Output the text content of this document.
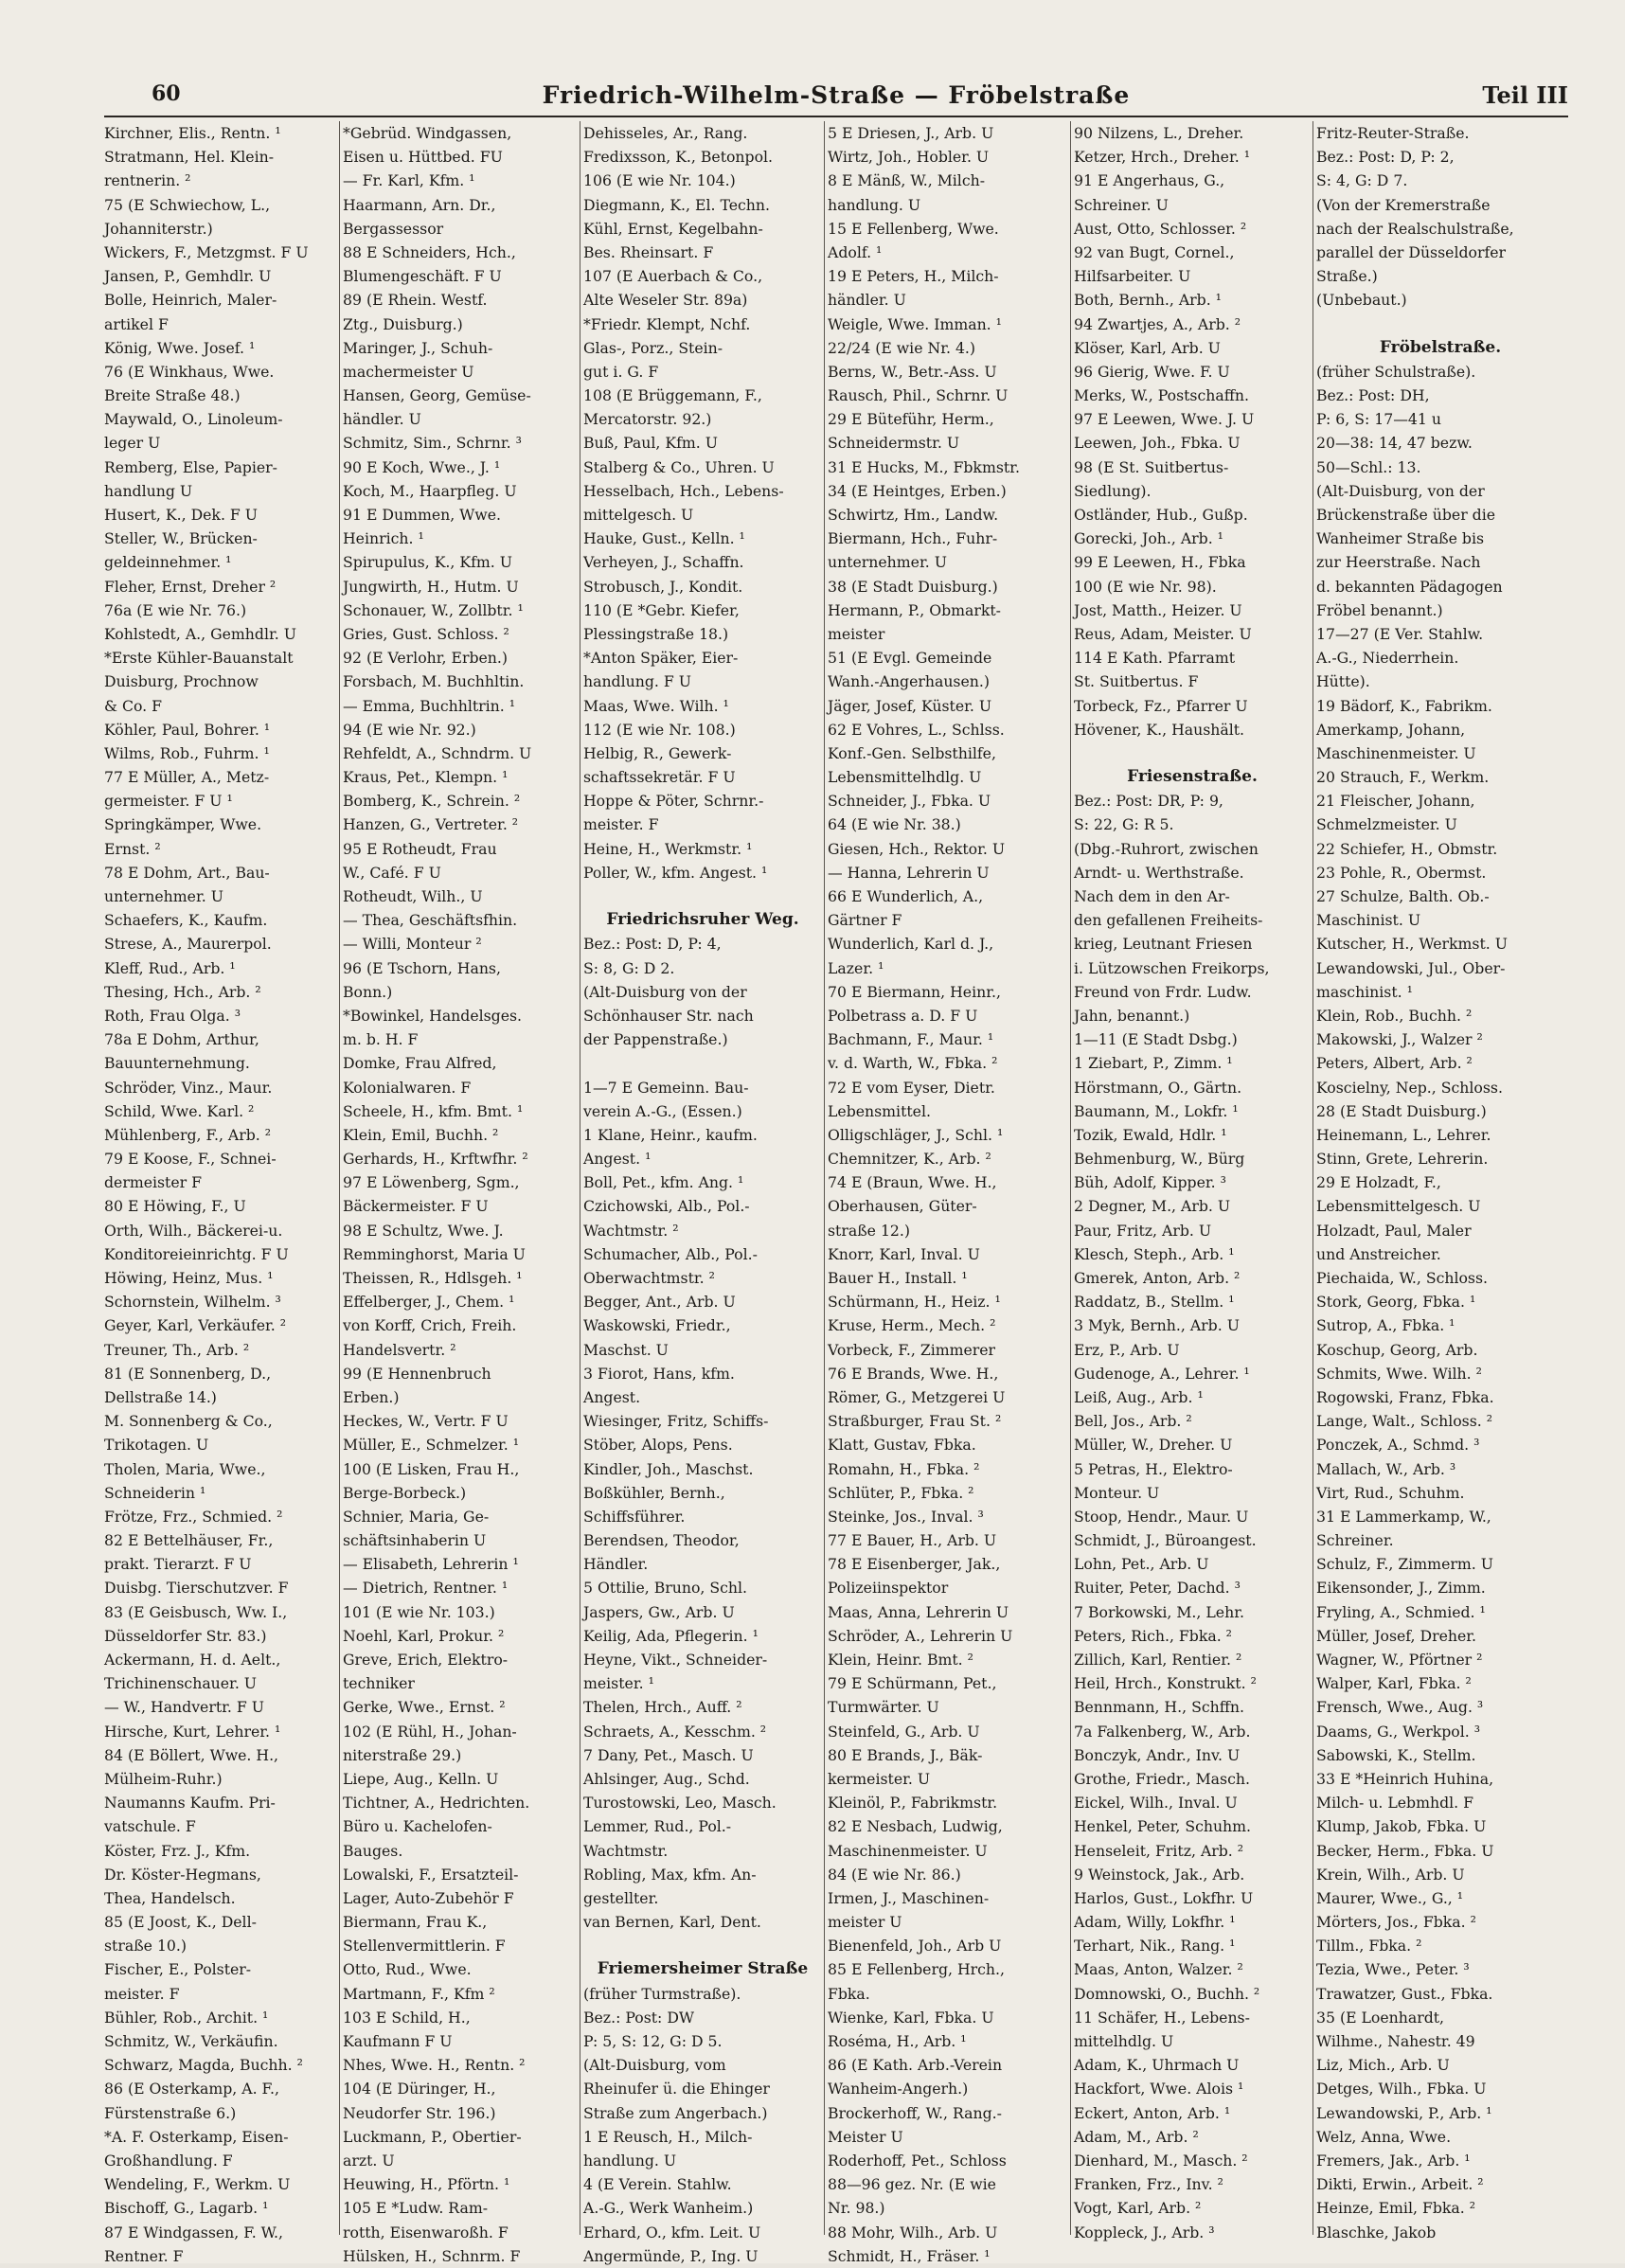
60	Friedrich-Wilhelm-Straße — Fröbelstraße	Teil III
Kirchner, Elis., Rentn. ¹
Stratmann, Hel. Klein-
rentnerin. ²
75 (E Schwiechow, L.,
Johanniterstr.)
Wickers, F., Metzgmst. F U
Jansen, P., Gemhdlr. U
Bolle, Heinrich, Maler-
artikel F
König, Wwe. Josef. ¹
76 (E Winkhaus, Wwe.
Breite Straße 48.)
Maywald, O., Linoleum-
leger U
Remberg, Else, Papier-
handlung U
Husert, K., Dek. F U
Steller, W., Brücken-
geldeinnehmer. ¹
Fleher, Ernst, Dreher ²
76a (E wie Nr. 76.)
Kohlstedt, A., Gemhdlr. U
*Erste Kühler-Bauanstalt
Duisburg, Prochnow
& Co. F
Köhler, Paul, Bohrer. ¹
Wilms, Rob., Fuhrm. ¹
77 E Müller, A., Metz-
germeister. F U ¹
Springkämper, Wwe.
Ernst. ²
78 E Dohm, Art., Bau-
unternehmer. U
Schaefers, K., Kaufm.
Strese, A., Maurerpol.
Kleff, Rud., Arb. ¹
Thesing, Hch., Arb. ²
Roth, Frau Olga. ³
78a E Dohm, Arthur,
Bauunternehmung.
Schröder, Vinz., Maur.
Schild, Wwe. Karl. ²
Mühlenberg, F., Arb. ²
79 E Koose, F., Schnei-
dermeister F
80 E Höwing, F., U
Orth, Wilh., Bäckerei-u.
Konditoreieinrichtg. F U
Höwing, Heinz, Mus. ¹
Schornstein, Wilhelm. ³
Geyer, Karl, Verkäufer. ²
Treuner, Th., Arb. ²
81 (E Sonnenberg, D.,
Dellstraße 14.)
M. Sonnenberg & Co.,
Trikotagen. U
Tholen, Maria, Wwe.,
Schneiderin ¹
Frötze, Frz., Schmied. ²
82 E Bettelhäuser, Fr.,
prakt. Tierarzt. F U
Duisbg. Tierschutzver. F
83 (E Geisbusch, Ww. I.,
Düsseldorfer Str. 83.)
Ackermann, H. d. Aelt.,
Trichinenschauer. U
— W., Handvertr. F U
Hirsche, Kurt, Lehrer. ¹
84 (E Böllert, Wwe. H.,
Mülheim-Ruhr.)
Naumanns Kaufm. Pri-
vatschule. F
Köster, Frz. J., Kfm.
Dr. Köster-Hegmans,
Thea, Handelsch.
85 (E Joost, K., Dell-
straße 10.)
Fischer, E., Polster-
meister. F
Bühler, Rob., Archit. ¹
Schmitz, W., Verkäufin.
Schwarz, Magda, Buchh. ²
86 (E Osterkamp, A. F.,
Fürstenstraße 6.)
*A. F. Osterkamp, Eisen-
Großhandlung. F
Wendeling, F., Werkm. U
Bischoff, G., Lagarb. ¹
87 E Windgassen, F. W.,
Rentner. F
*Gebrüd. Windgassen,
Eisen u. Hüttbed. FU
— Fr. Karl, Kfm. ¹
Haarmann, Arn. Dr.,
Bergassessor
88 E Schneiders, Hch.,
Blumengeschäft. F U
89 (E Rhein. Westf.
Ztg., Duisburg.)
Maringer, J., Schuh-
machermeister U
Hansen, Georg, Gemüse-
händler. U
Schmitz, Sim., Schrnr. ³
90 E Koch, Wwe., J. ¹
Koch, M., Haarpfleg. U
91 E Dummen, Wwe.
Heinrich. ¹
Spirupulus, K., Kfm. U
Jungwirth, H., Hutm. U
Schonauer, W., Zollbtr. ¹
Gries, Gust. Schloss. ²
92 (E Verlohr, Erben.)
Forsbach, M. Buchhltin.
— Emma, Buchhltrin. ¹
94 (E wie Nr. 92.)
Rehfeldt, A., Schndrm. U
Kraus, Pet., Klempn. ¹
Bomberg, K., Schrein. ²
Hanzen, G., Vertreter. ²
95 E Rotheudt, Frau
W., Café. F U
Rotheudt, Wilh., U
— Thea, Geschäftsfhin.
— Willi, Monteur ²
96 (E Tschorn, Hans,
Bonn.)
*Bowinkel, Handelsges.
m. b. H. F
Domke, Frau Alfred,
Kolonialwaren. F
Scheele, H., kfm. Bmt. ¹
Klein, Emil, Buchh. ²
Gerhards, H., Krftwfhr. ²
97 E Löwenberg, Sgm.,
Bäckermeister. F U
98 E Schultz, Wwe. J.
Remminghorst, Maria U
Theissen, R., Hdlsgeh. ¹
Effelberger, J., Chem. ¹
von Korff, Crich, Freih.
Handelsvertr. ²
99 (E Hennenbruch
Erben.)
Heckes, W., Vertr. F U
Müller, E., Schmelzer. ¹
100 (E Lisken, Frau H.,
Berge-Borbeck.)
Schnier, Maria, Ge-
schäftsinhaberin U
— Elisabeth, Lehrerin ¹
— Dietrich, Rentner. ¹
101 (E wie Nr. 103.)
Noehl, Karl, Prokur. ²
Greve, Erich, Elektro-
techniker
Gerke, Wwe., Ernst. ²
102 (E Rühl, H., Johan-
niterstraße 29.)
Liepe, Aug., Kelln. U
Tichtner, A., Hedrichten.
Büro u. Kachelofen-
Bauges.
Lowalski, F., Ersatzteil-
Lager, Auto-Zubehör F
Biermann, Frau K.,
Stellenvermittlerin. F
Otto, Rud., Wwe.
Martmann, F., Kfm ²
103 E Schild, H.,
Kaufmann F U
Nhes, Wwe. H., Rentn. ²
104 (E Düringer, H.,
Neudorfer Str. 196.)
Luckmann, P., Obertier-
arzt. U
Heuwing, H., Pförtn. ¹
105 E *Ludw. Ram-
rotth, Eisenwaroßh. F
Hülsken, H., Schnrm. F
Dehisseles, Ar., Rang.
Fredixsson, K., Betonpol.
106 (E wie Nr. 104.)
Diegmann, K., El. Techn.
Kühl, Ernst, Kegelbahn-
Bes. Rheinsart. F
107 (E Auerbach & Co.,
Alte Weseler Str. 89a)
*Friedr. Klempt, Nchf.
Glas-, Porz., Stein-
gut i. G. F
108 (E Brüggemann, F.,
Mercatorstr. 92.)
Buß, Paul, Kfm. U
Stalberg & Co., Uhren. U
Hesselbach, Hch., Lebens-
mittelgesch. U
Hauke, Gust., Kelln. ¹
Verheyen, J., Schaffn.
Strobusch, J., Kondit.
110 (E *Gebr. Kiefer,
Plessingstraße 18.)
*Anton Späker, Eier-
handlung. F U
Maas, Wwe. Wilh. ¹
112 (E wie Nr. 108.)
Helbig, R., Gewerk-
schaftssekretär. F U
Hoppe & Pöter, Schrnr.-
meister. F
Heine, H., Werkmstr. ¹
Poller, W., kfm. Angest. ¹
Friedrichsruher Weg.
Bez.: Post: D, P: 4,
S: 8, G: D 2.
(Alt-Duisburg von der
Schönhauser Str. nach
der Pappenstraße.)
1—7 E Gemeinn. Bau-
verein A.-G., (Essen.)
1 Klane, Heinr., kaufm.
Angest. ¹
Boll, Pet., kfm. Ang. ¹
Czichowski, Alb., Pol.-
Wachtmstr. ²
Schumacher, Alb., Pol.-
Oberwachtmstr. ²
Begger, Ant., Arb. U
Waskowski, Friedr.,
Maschst. U
3 Fiorot, Hans, kfm.
Angest.
Wiesinger, Fritz, Schiffs-
Stöber, Alops, Pens.
Kindler, Joh., Maschst.
Boßkühler, Bernh.,
Schiffsführer.
Berendsen, Theodor,
Händler.
5 Ottilie, Bruno, Schl.
Jaspers, Gw., Arb. U
Keilig, Ada, Pflegerin. ¹
Heyne, Vikt., Schneider-
meister. ¹
Thelen, Hrch., Auff. ²
Schraets, A., Kesschm. ²
7 Dany, Pet., Masch. U
Ahlsinger, Aug., Schd.
Turostowski, Leo, Masch.
Lemmer, Rud., Pol.-
Wachtmstr.
Robling, Max, kfm. An-
gestellter.
van Bernen, Karl, Dent.
Friemersheimer Straße
(früher Turmstraße).
Bez.: Post: DW
P: 5, S: 12, G: D 5.
(Alt-Duisburg, vom
Rheinufer ü. die Ehinger
Straße zum Angerbach.)
1 E Reusch, H., Milch-
handlung. U
4 (E Verein. Stahlw.
A.-G., Werk Wanheim.)
Erhard, O., kfm. Leit. U
Angermünde, P., Ing. U
5 E Driesen, J., Arb. U
Wirtz, Joh., Hobler. U
8 E Mänß, W., Milch-
handlung. U
15 E Fellenberg, Wwe.
Adolf. ¹
19 E Peters, H., Milch-
händler. U
Weigle, Wwe. Imman. ¹
22/24 (E wie Nr. 4.)
Berns, W., Betr.-Ass. U
Rausch, Phil., Schrnr. U
29 E Büteführ, Herm.,
Schneidermstr. U
31 E Hucks, M., Fbkmstr.
34 (E Heintges, Erben.)
Schwirtz, Hm., Landw.
Biermann, Hch., Fuhr-
unternehmer. U
38 (E Stadt Duisburg.)
Hermann, P., Obmarkt-
meister
51 (E Evgl. Gemeinde
Wanh.-Angerhausen.)
Jäger, Josef, Küster. U
62 E Vohres, L., Schlss.
Konf.-Gen. Selbsthilfe,
Lebensmittelhdlg. U
Schneider, J., Fbka. U
64 (E wie Nr. 38.)
Giesen, Hch., Rektor. U
— Hanna, Lehrerin U
66 E Wunderlich, A.,
Gärtner F
Wunderlich, Karl d. J.,
Lazer. ¹
70 E Biermann, Heinr.,
Polbetrass a. D. F U
Bachmann, F., Maur. ¹
v. d. Warth, W., Fbka. ²
72 E vom Eyser, Dietr.
Lebensmittel.
Olligschläger, J., Schl. ¹
Chemnitzer, K., Arb. ²
74 E (Braun, Wwe. H.,
Oberhausen, Güter-
straße 12.)
Knorr, Karl, Inval. U
Bauer H., Install. ¹
Schürmann, H., Heiz. ¹
Kruse, Herm., Mech. ²
Vorbeck, F., Zimmerer
76 E Brands, Wwe. H.,
Römer, G., Metzgerei U
Straßburger, Frau St. ²
Klatt, Gustav, Fbka.
Romahn, H., Fbka. ²
Schlüter, P., Fbka. ²
Steinke, Jos., Inval. ³
77 E Bauer, H., Arb. U
78 E Eisenberger, Jak.,
Polizeiinspektor
Maas, Anna, Lehrerin U
Schröder, A., Lehrerin U
Klein, Heinr. Bmt. ²
79 E Schürmann, Pet.,
Turmwärter. U
Steinfeld, G., Arb. U
80 E Brands, J., Bäk-
kermeister. U
Kleinöl, P., Fabrikmstr.
82 E Nesbach, Ludwig,
Maschinenmeister. U
84 (E wie Nr. 86.)
Irmen, J., Maschinen-
meister U
Bienenfeld, Joh., Arb U
85 E Fellenberg, Hrch.,
Fbka.
Wienke, Karl, Fbka. U
Roséma, H., Arb. ¹
86 (E Kath. Arb.-Verein
Wanheim-Angerh.)
Brockerhoff, W., Rang.-
Meister U
Roderhoff, Pet., Schloss
88—96 gez. Nr. (E wie
Nr. 98.)
88 Mohr, Wilh., Arb. U
Schmidt, H., Fräser. ¹
90 Nilzens, L., Dreher.
Ketzer, Hrch., Dreher. ¹
91 E Angerhaus, G.,
Schreiner. U
Aust, Otto, Schlosser. ²
92 van Bugt, Cornel.,
Hilfsarbeiter. U
Both, Bernh., Arb. ¹
94 Zwartjes, A., Arb. ²
Klöser, Karl, Arb. U
96 Gierig, Wwe. F. U
Merks, W., Postschaffn.
97 E Leewen, Wwe. J. U
Leewen, Joh., Fbka. U
98 (E St. Suitbertus-
Siedlung).
Ostländer, Hub., Gußp.
Gorecki, Joh., Arb. ¹
99 E Leewen, H., Fbka
100 (E wie Nr. 98).
Jost, Matth., Heizer. U
Reus, Adam, Meister. U
114 E Kath. Pfarramt
St. Suitbertus. F
Torbeck, Fz., Pfarrer U
Hövener, K., Haushält.
Friesenstraße.
Bez.: Post: DR, P: 9,
S: 22, G: R 5.
(Dbg.-Ruhrort, zwischen
Arndt- u. Werthstraße.
Nach dem in den Ar-
den gefallenen Freiheits-
krieg, Leutnant Friesen
i. Lützowschen Freikorps,
Freund von Frdr. Ludw.
Jahn, benannt.)
1—11 (E Stadt Dsbg.)
1 Ziebart, P., Zimm. ¹
Hörstmann, O., Gärtn.
Baumann, M., Lokfr. ¹
Tozik, Ewald, Hdlr. ¹
Behmenburg, W., Bürg
Büh, Adolf, Kipper. ³
2 Degner, M., Arb. U
Paur, Fritz, Arb. U
Klesch, Steph., Arb. ¹
Gmerek, Anton, Arb. ²
Raddatz, B., Stellm. ¹
3 Myk, Bernh., Arb. U
Erz, P., Arb. U
Gudenoge, A., Lehrer. ¹
Leiß, Aug., Arb. ¹
Bell, Jos., Arb. ²
Müller, W., Dreher. U
5 Petras, H., Elektro-
Monteur. U
Stoop, Hendr., Maur. U
Schmidt, J., Büroangest.
Lohn, Pet., Arb. U
Ruiter, Peter, Dachd. ³
7 Borkowski, M., Lehr.
Peters, Rich., Fbka. ²
Zillich, Karl, Rentier. ²
Heil, Hrch., Konstrukt. ²
Bennmann, H., Schffn.
7a Falkenberg, W., Arb.
Bonczyk, Andr., Inv. U
Grothe, Friedr., Masch.
Eickel, Wilh., Inval. U
Henkel, Peter, Schuhm.
Henseleit, Fritz, Arb. ²
9 Weinstock, Jak., Arb.
Harlos, Gust., Lokfhr. U
Adam, Willy, Lokfhr. ¹
Terhart, Nik., Rang. ¹
Maas, Anton, Walzer. ²
Domnowski, O., Buchh. ²
11 Schäfer, H., Lebens-
mittelhdlg. U
Adam, K., Uhrmach U
Hackfort, Wwe. Alois ¹
Eckert, Anton, Arb. ¹
Adam, M., Arb. ²
Dienhard, M., Masch. ²
Franken, Frz., Inv. ²
Vogt, Karl, Arb. ²
Koppleck, J., Arb. ³
Fritz-Reuter-Straße.
Bez.: Post: D, P: 2,
S: 4, G: D 7.
(Von der Kremerstraße
nach der Realschulstraße,
parallel der Düsseldorfer
Straße.)
(Unbebaut.)
Fröbelstraße.
(früher Schulstraße).
Bez.: Post: DH,
P: 6, S: 17—41 u
20—38: 14, 47 bezw.
50—Schl.: 13.
(Alt-Duisburg, von der
Brückenstraße über die
Wanheimer Straße bis
zur Heerstraße. Nach
d. bekannten Pädagogen
Fröbel benannt.)
17—27 (E Ver. Stahlw.
A.-G., Niederrhein.
Hütte).
19 Bädorf, K., Fabrikm.
Amerkamp, Johann,
Maschinenmeister. U
20 Strauch, F., Werkm.
21 Fleischer, Johann,
Schmelzmeister. U
22 Schiefer, H., Obmstr.
23 Pohle, R., Obermst.
27 Schulze, Balth. Ob.-
Maschinist. U
Kutscher, H., Werkmst. U
Lewandowski, Jul., Ober-
maschinist. ¹
Klein, Rob., Buchh. ²
Makowski, J., Walzer ²
Peters, Albert, Arb. ²
Koscielny, Nep., Schloss.
28 (E Stadt Duisburg.)
Heinemann, L., Lehrer.
Stinn, Grete, Lehrerin.
29 E Holzadt, F.,
Lebensmittelgesch. U
Holzadt, Paul, Maler
und Anstreicher.
Piechaida, W., Schloss.
Stork, Georg, Fbka. ¹
Sutrop, A., Fbka. ¹
Koschup, Georg, Arb.
Schmits, Wwe. Wilh. ²
Rogowski, Franz, Fbka.
Lange, Walt., Schloss. ²
Ponczek, A., Schmd. ³
Mallach, W., Arb. ³
Virt, Rud., Schuhm.
31 E Lammerkamp, W.,
Schreiner.
Schulz, F., Zimmerm. U
Eikensonder, J., Zimm.
Fryling, A., Schmied. ¹
Müller, Josef, Dreher.
Wagner, W., Pförtner ²
Walper, Karl, Fbka. ²
Frensch, Wwe., Aug. ³
Daams, G., Werkpol. ³
Sabowski, K., Stellm.
33 E *Heinrich Huhina,
Milch- u. Lebmhdl. F
Klump, Jakob, Fbka. U
Becker, Herm., Fbka. U
Krein, Wilh., Arb. U
Maurer, Wwe., G., ¹
Mörters, Jos., Fbka. ²
Tillm., Fbka. ²
Tezia, Wwe., Peter. ³
Trawatzer, Gust., Fbka.
35 (E Loenhardt,
Wilhme., Nahestr. 49
Liz, Mich., Arb. U
Detges, Wilh., Fbka. U
Lewandowski, P., Arb. ¹
Welz, Anna, Wwe.
Fremers, Jak., Arb. ¹
Dikti, Erwin., Arbeit. ²
Heinze, Emil, Fbka. ²
Blaschke, Jakob
